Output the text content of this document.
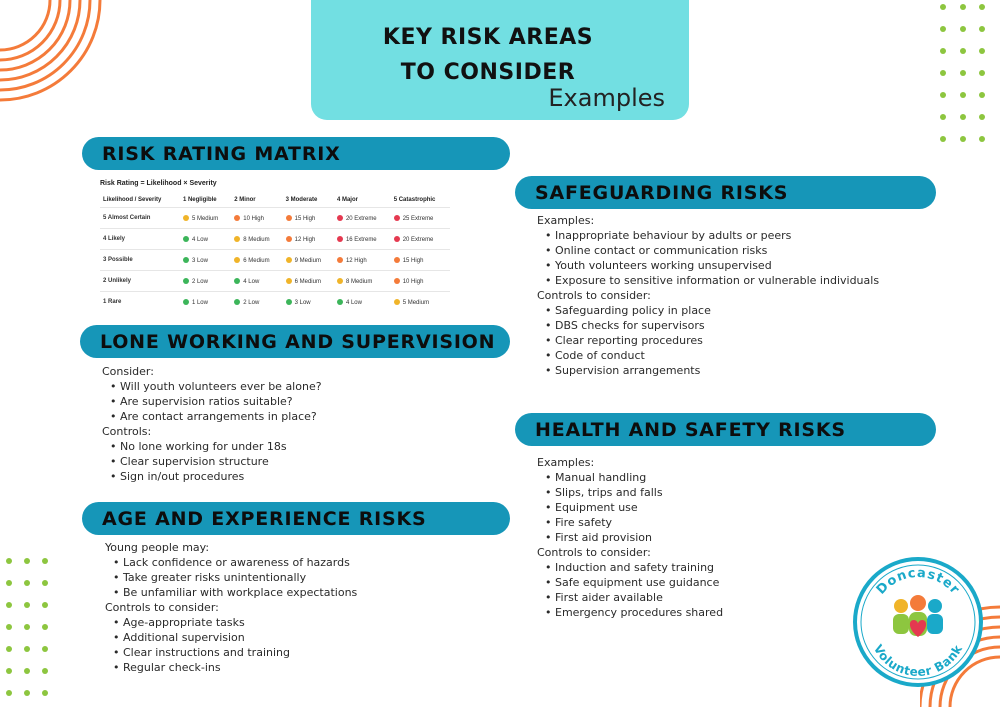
KEY RISK AREAS
TO CONSIDER
Examples
RISK RATING MATRIX
Risk Rating = Likelihood × Severity
Likelihood / Severity	1 Negligible	2 Minor	3 Moderate	4 Major	5 Catastrophic
5 Almost Certain	5 Medium	10 High	15 High	20 Extreme	25 Extreme
4 Likely	4 Low	8 Medium	12 High	16 Extreme	20 Extreme
3 Possible	3 Low	6 Medium	9 Medium	12 High	15 High
2 Unlikely	2 Low	4 Low	6 Medium	8 Medium	10 High
1 Rare	1 Low	2 Low	3 Low	4 Low	5 Medium
LONE WORKING AND SUPERVISION
Consider:
• Will youth volunteers ever be alone?
• Are supervision ratios suitable?
• Are contact arrangements in place?
Controls:
• No lone working for under 18s
• Clear supervision structure
• Sign in/out procedures
AGE AND EXPERIENCE RISKS
Young people may:
• Lack confidence or awareness of hazards
• Take greater risks unintentionally
• Be unfamiliar with workplace expectations
Controls to consider:
• Age-appropriate tasks
• Additional supervision
• Clear instructions and training
• Regular check-ins
SAFEGUARDING RISKS
Examples:
• Inappropriate behaviour by adults or peers
• Online contact or communication risks
• Youth volunteers working unsupervised
• Exposure to sensitive information or vulnerable individuals
Controls to consider:
• Safeguarding policy in place
• DBS checks for supervisors
• Clear reporting procedures
• Code of conduct
• Supervision arrangements
HEALTH AND SAFETY RISKS
Examples:
• Manual handling
• Slips, trips and falls
• Equipment use
• Fire safety
• First aid provision
Controls to consider:
• Induction and safety training
• Safe equipment use guidance
• First aider available
• Emergency procedures shared
Doncaster
Volunteer Bank
